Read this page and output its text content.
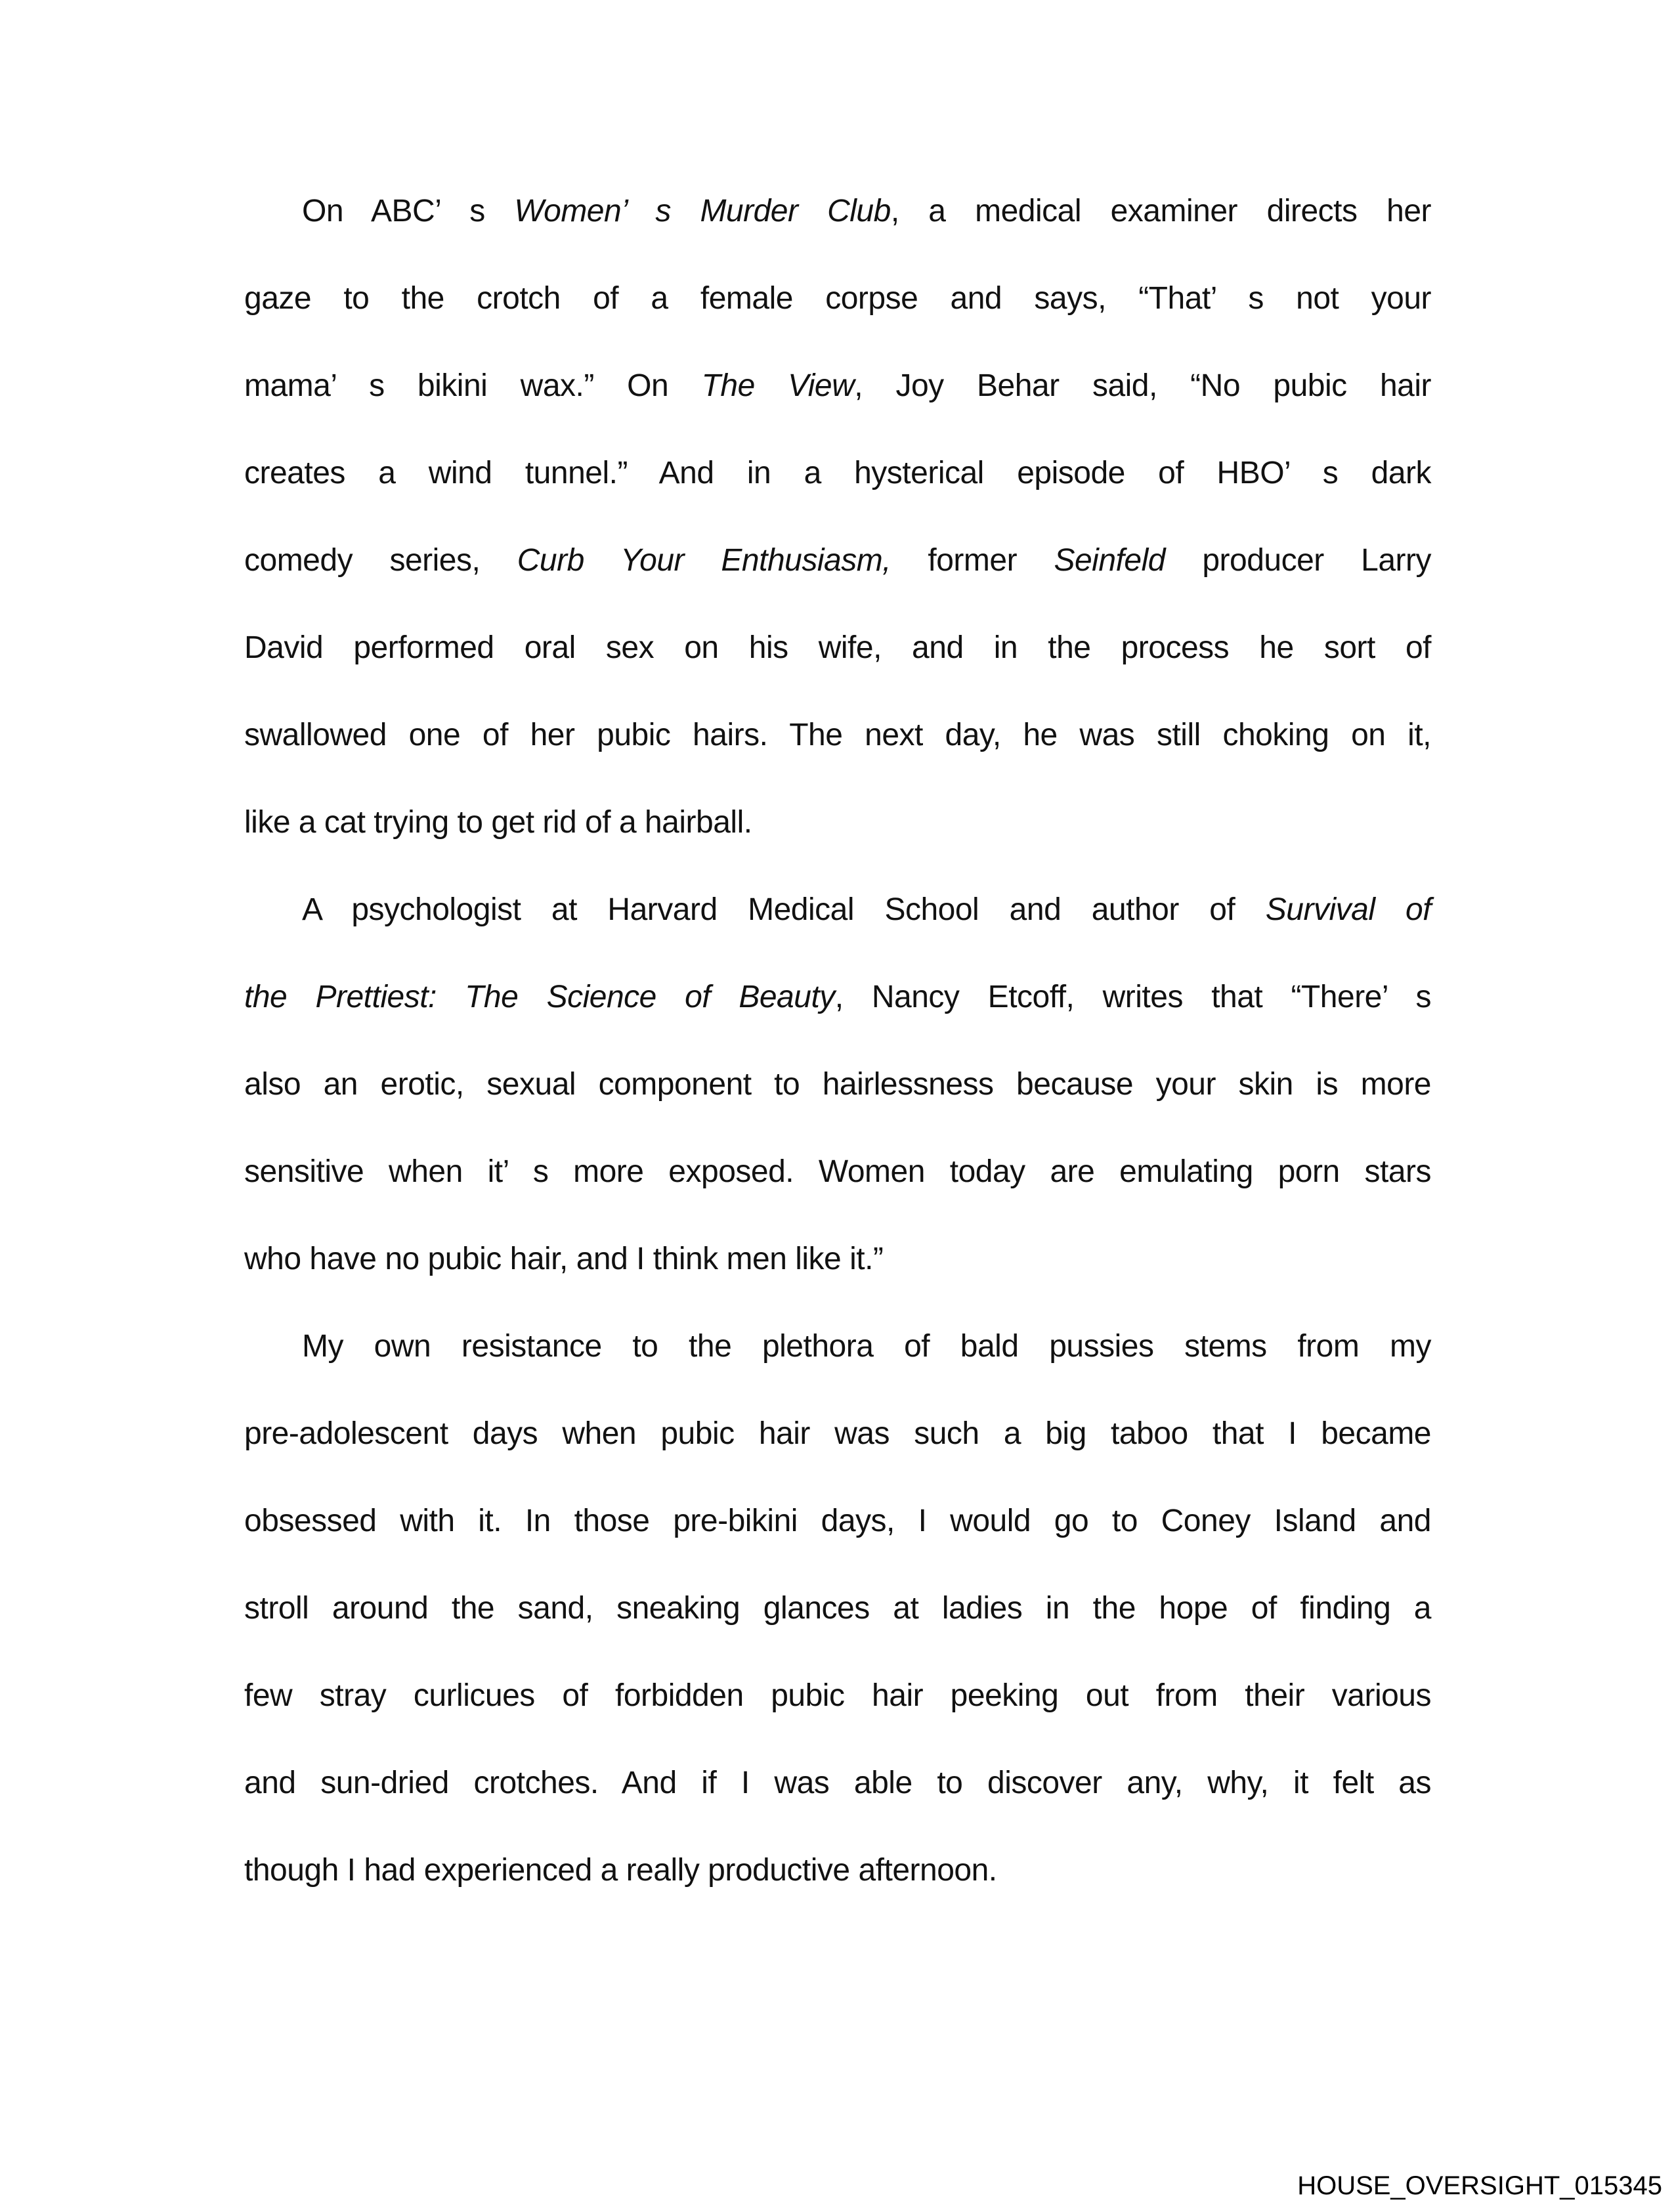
On ABC’ s Women’ s Murder Club, a medical examiner directs her
gaze to the crotch of a female corpse and says, “That’ s not your
mama’ s bikini wax.” On The View, Joy Behar said, “No pubic hair
creates a wind tunnel.” And in a hysterical episode of HBO’ s dark
comedy series, Curb Your Enthusiasm, former Seinfeld producer Larry
David performed oral sex on his wife, and in the process he sort of
swallowed one of her pubic hairs. The next day, he was still choking on it,
like a cat trying to get rid of a hairball.
A psychologist at Harvard Medical School and author of Survival of
the Prettiest: The Science of Beauty, Nancy Etcoff, writes that “There’ s
also an erotic, sexual component to hairlessness because your skin is more
sensitive when it’ s more exposed. Women today are emulating porn stars
who have no pubic hair, and I think men like it.”
My own resistance to the plethora of bald pussies stems from my
pre-adolescent days when pubic hair was such a big taboo that I became
obsessed with it. In those pre-bikini days, I would go to Coney Island and
stroll around the sand, sneaking glances at ladies in the hope of finding a
few stray curlicues of forbidden pubic hair peeking out from their various
and sun-dried crotches. And if I was able to discover any, why, it felt as
though I had experienced a really productive afternoon.
HOUSE_OVERSIGHT_015345
